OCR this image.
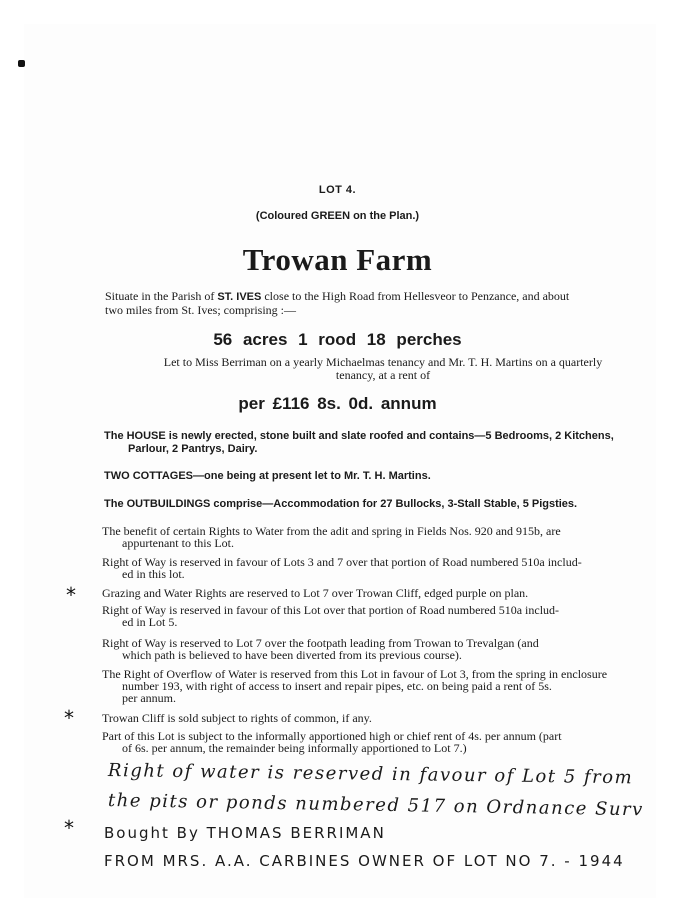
LOT 4.
(Coloured GREEN on the Plan.)
Trowan Farm
Situate in the Parish of ST. IVES close to the High Road from Hellesveor to Penzance, and about
two miles from St. Ives; comprising :—
56 acres 1 rood 18 perches
Let to Miss Berriman on a yearly Michaelmas tenancy and Mr. T. H. Martins on a quarterly
tenancy, at a rent of
per £116 8s. 0d. annum
The HOUSE is newly erected, stone built and slate roofed and contains—5 Bedrooms, 2 Kitchens,
Parlour, 2 Pantrys, Dairy.
TWO COTTAGES—one being at present let to Mr. T. H. Martins.
The OUTBUILDINGS comprise—Accommodation for 27 Bullocks, 3-Stall Stable, 5 Pigsties.
The benefit of certain Rights to Water from the adit and spring in Fields Nos. 920 and 915b, are
appurtenant to this Lot.
Right of Way is reserved in favour of Lots 3 and 7 over that portion of Road numbered 510a includ-
ed in this lot.
Grazing and Water Rights are reserved to Lot 7 over Trowan Cliff, edged purple on plan.
Right of Way is reserved in favour of this Lot over that portion of Road numbered 510a includ-
ed in Lot 5.
Right of Way is reserved to Lot 7 over the footpath leading from Trowan to Trevalgan (and
which path is believed to have been diverted from its previous course).
The Right of Overflow of Water is reserved from this Lot in favour of Lot 3, from the spring in enclosure
number 193, with right of access to insert and repair pipes, etc. on being paid a rent of 5s.
per annum.
Trowan Cliff is sold subject to rights of common, if any.
Part of this Lot is subject to the informally apportioned high or chief rent of 4s. per annum (part
of 6s. per annum, the remainder being informally apportioned to Lot 7.)
*
*
*
Right of water is reserved in favour of Lot 5 from
the pits or ponds numbered 517 on Ordnance Surv
Bought By THOMAS BERRIMAN
FROM MRS. A.A. CARBINES OWNER OF LOT NO 7. - 1944
